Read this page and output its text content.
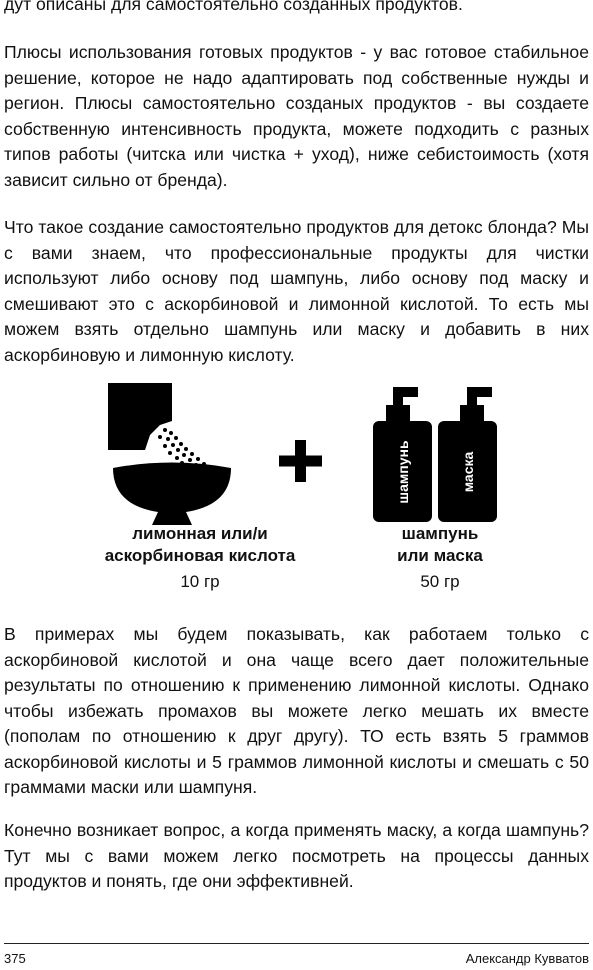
дут описаны для самостоятельно созданных продуктов.

Плюсы использования готовых продуктов - у вас готовое стабильное решение, которое не надо адаптировать под собственные нужды и регион. Плюсы самостоятельно созданых продуктов - вы создаете собственную интенсивность продукта, можете подходить с разных типов работы (читска или чистка + уход), ниже себистоимость (хотя зависит сильно от бренда).

Что такое создание самостоятельно продуктов для детокс блонда? Мы с вами знаем, что профессиональные продукты для чистки используют либо основу под шампунь, либо основу под маску и смешивают это с аскорбиновой и лимонной кислотой. То есть мы можем взять отдельно шампунь или маску и добавить в них аскорбиновую и лимонную кислоту.

шампунь	маска
лимонная или/и
аскорбиновая кислота
10 гр
шампунь
или маска
50 гр

В примерах мы будем показывать, как работаем только с аскорбиновой кислотой и она чаще всего дает положительные результаты по отношению к применению лимонной кислоты. Однако чтобы избежать промахов вы можете легко мешать их вместе (пополам по отношению к друг другу). ТО есть взять 5 граммов аскорбиновой кислоты и 5 граммов лимонной кислоты и смешать с 50 граммами маски или шампуня.

Конечно возникает вопрос, а когда применять маску, а когда шампунь? Тут мы с вами можем легко посмотреть на процессы данных продуктов и понять, где они эффективней.

375	Александр Кувватов
